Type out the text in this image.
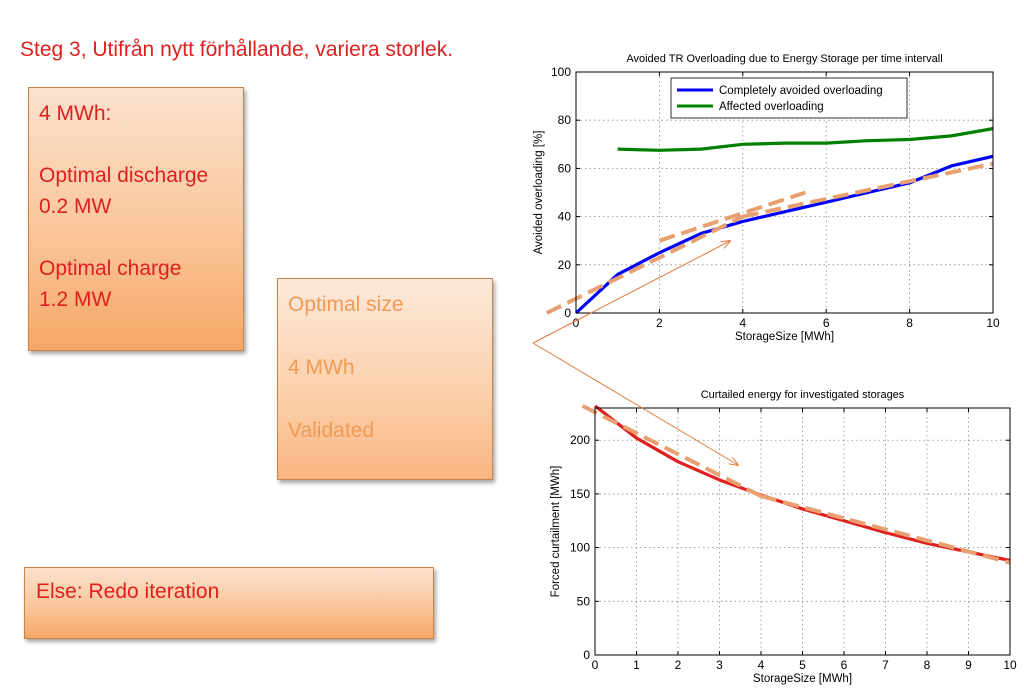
Steg 3, Utifrån nytt förhållande, variera storlek.
4 MWh:
Optimal discharge
0.2 MW
Optimal charge
1.2 MW	Optimal size
4 MWh
Validated
Else: Redo iteration
0	2	4	6	8	10
0
20
40
60
80
100
Avoided TR Overloading due to Energy Storage per time intervall
StorageSize [MWh]
Avoided overloading [%]
Completely avoided overloading
Affected overloading
0	1	2	3	4	5	6	7	8	9	10
0
50
100
150
200
Curtailed energy for investigated storages
StorageSize [MWh]
Forced curtailment [MWh]
